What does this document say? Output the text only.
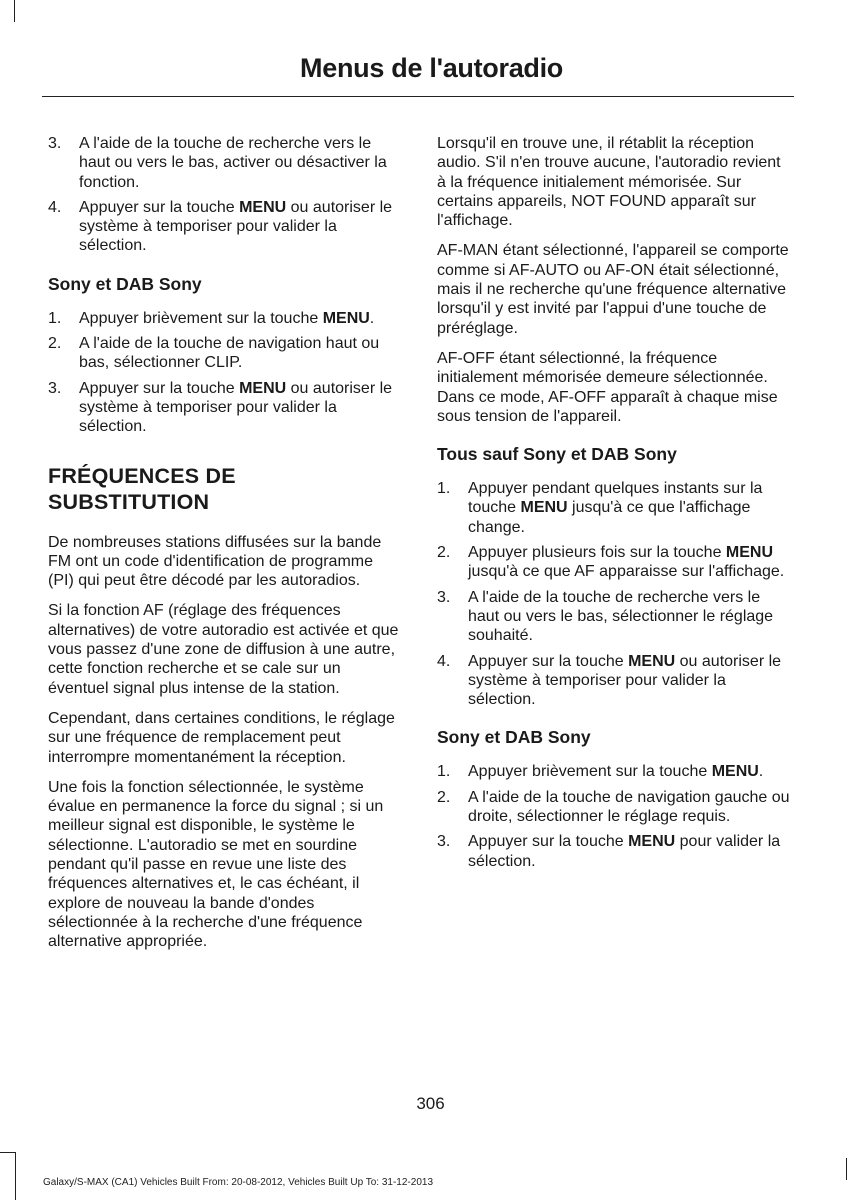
Menus de l'autoradio
3.	A l'aide de la touche de recherche vers le haut ou vers le bas, activer ou désactiver la fonction.
4.	Appuyer sur la touche MENU ou autoriser le système à temporiser pour valider la sélection.
Sony et DAB Sony
1.	Appuyer brièvement sur la touche MENU.
2.	A l'aide de la touche de navigation haut ou bas, sélectionner CLIP.
3.	Appuyer sur la touche MENU ou autoriser le système à temporiser pour valider la sélection.
FRÉQUENCES DE SUBSTITUTION

De nombreuses stations diffusées sur la bande FM ont un code d'identification de programme (PI) qui peut être décodé par les autoradios.

Si la fonction AF (réglage des fréquences alternatives) de votre autoradio est activée et que vous passez d'une zone de diffusion à une autre, cette fonction recherche et se cale sur un éventuel signal plus intense de la station.

Cependant, dans certaines conditions, le réglage sur une fréquence de remplacement peut interrompre momentanément la réception.

Une fois la fonction sélectionnée, le système évalue en permanence la force du signal ; si un meilleur signal est disponible, le système le sélectionne. L'autoradio se met en sourdine pendant qu'il passe en revue une liste des fréquences alternatives et, le cas échéant, il explore de nouveau la bande d'ondes sélectionnée à la recherche d'une fréquence alternative appropriée.

Lorsqu'il en trouve une, il rétablit la réception audio. S'il n'en trouve aucune, l'autoradio revient à la fréquence initialement mémorisée. Sur certains appareils, NOT FOUND apparaît sur l'affichage.

AF-MAN étant sélectionné, l'appareil se comporte comme si AF-AUTO ou AF-ON était sélectionné, mais il ne recherche qu'une fréquence alternative lorsqu'il y est invité par l'appui d'une touche de préréglage.

AF-OFF étant sélectionné, la fréquence initialement mémorisée demeure sélectionnée. Dans ce mode, AF-OFF apparaît à chaque mise sous tension de l'appareil.

Tous sauf Sony et DAB Sony
1.	Appuyer pendant quelques instants sur la touche MENU jusqu'à ce que l'affichage change.
2.	Appuyer plusieurs fois sur la touche MENU jusqu'à ce que AF apparaisse sur l'affichage.
3.	A l'aide de la touche de recherche vers le haut ou vers le bas, sélectionner le réglage souhaité.
4.	Appuyer sur la touche MENU ou autoriser le système à temporiser pour valider la sélection.
Sony et DAB Sony
1.	Appuyer brièvement sur la touche MENU.
2.	A l'aide de la touche de navigation gauche ou droite, sélectionner le réglage requis.
3.	Appuyer sur la touche MENU pour valider la sélection.
306
Galaxy/S-MAX (CA1) Vehicles Built From: 20-08-2012, Vehicles Built Up To: 31-12-2013
